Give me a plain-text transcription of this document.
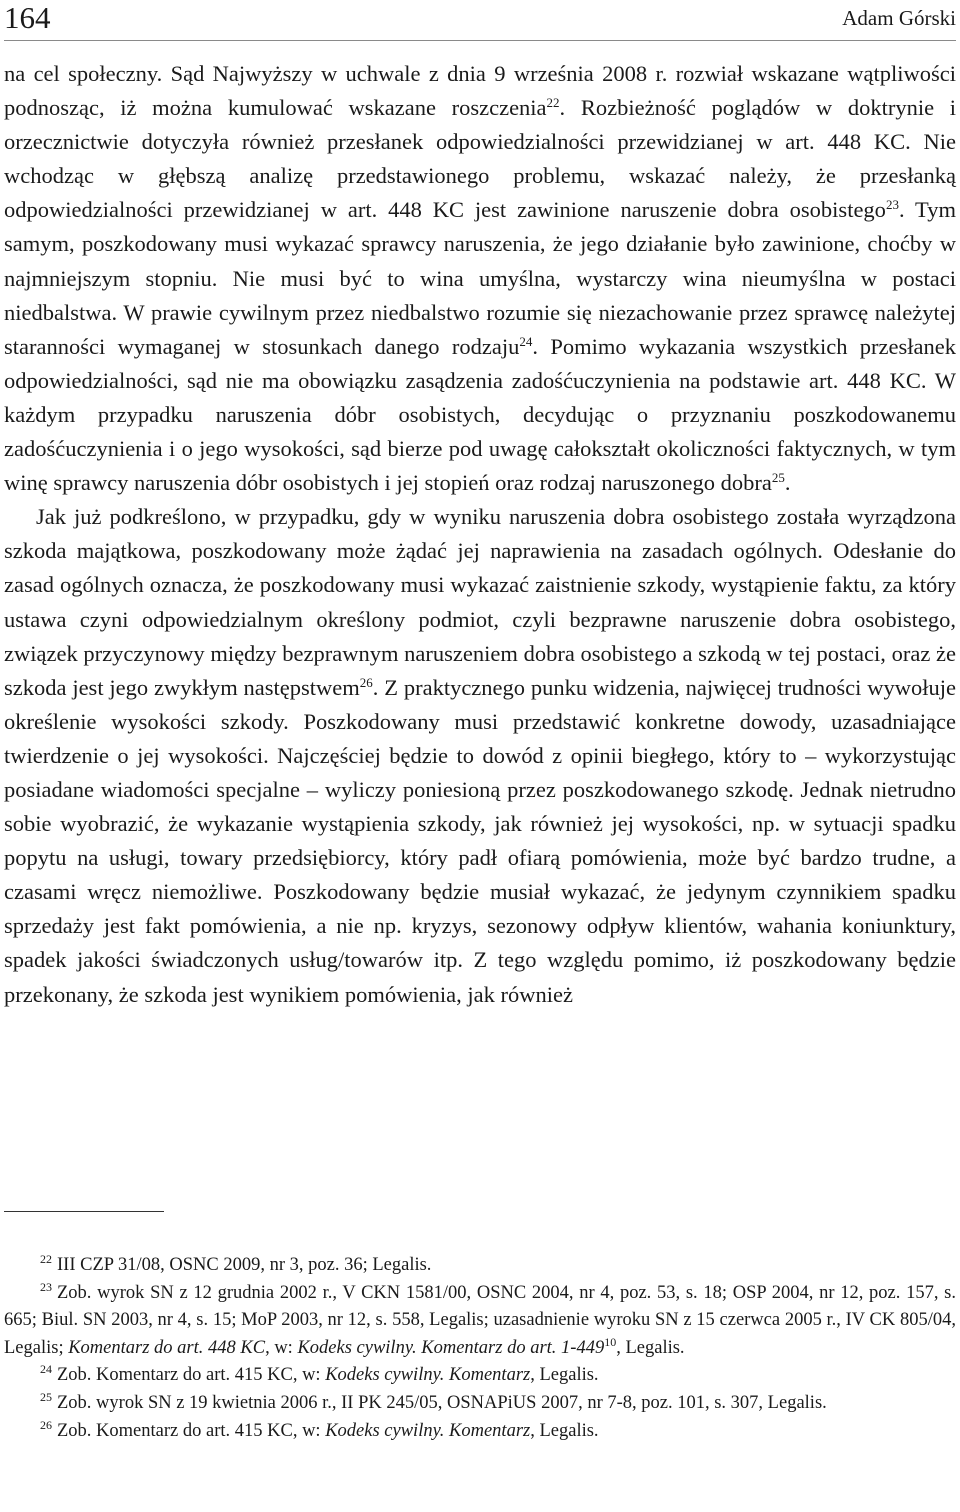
164	Adam Górski

na cel społeczny. Sąd Najwyższy w uchwale z dnia 9 września 2008 r. rozwiał wskazane wątpliwości podnosząc, iż można kumulować wskazane roszczenia$^{22}$. Rozbieżność poglądów w doktrynie i orzecznictwie dotyczyła również przesłanek odpowiedzialności przewidzianej w art. 448 KC. Nie wchodząc w głębszą analizę przedstawionego problemu, wskazać należy, że przesłanką odpowiedzialności przewidzianej w art. 448 KC jest zawinione naruszenie dobra osobistego$^{23}$. Tym samym, poszkodowany musi wykazać sprawcy naruszenia, że jego działanie było zawinione, choćby w najmniejszym stopniu. Nie musi być to wina umyślna, wystarczy wina nieumyślna w postaci niedbalstwa. W prawie cywilnym przez niedbalstwo rozumie się niezachowanie przez sprawcę należytej staranności wymaganej w stosunkach danego rodzaju$^{24}$. Pomimo wykazania wszystkich przesłanek odpowiedzialności, sąd nie ma obowiązku zasądzenia zadośćuczynienia na podstawie art. 448 KC. W każdym przypadku naruszenia dóbr osobistych, decydując o przyznaniu poszkodowanemu zadośćuczynienia i o jego wysokości, sąd bierze pod uwagę całokształt okoliczności faktycznych, w tym winę sprawcy naruszenia dóbr osobistych i jej stopień oraz rodzaj naruszonego dobra$^{25}$.

Jak już podkreślono, w przypadku, gdy w wyniku naruszenia dobra osobistego została wyrządzona szkoda majątkowa, poszkodowany może żądać jej naprawienia na zasadach ogólnych. Odesłanie do zasad ogólnych oznacza, że poszkodowany musi wykazać zaistnienie szkody, wystąpienie faktu, za który ustawa czyni odpowiedzialnym określony podmiot, czyli bezprawne naruszenie dobra osobistego, związek przyczynowy między bezprawnym naruszeniem dobra osobistego a szkodą w tej postaci, oraz że szkoda jest jego zwykłym następstwem$^{26}$. Z praktycznego punku widzenia, najwięcej trudności wywołuje określenie wysokości szkody. Poszkodowany musi przedstawić konkretne dowody, uzasadniające twierdzenie o jej wysokości. Najczęściej będzie to dowód z opinii biegłego, który to – wykorzystując posiadane wiadomości specjalne – wyliczy poniesioną przez poszkodowanego szkodę. Jednak nietrudno sobie wyobrazić, że wykazanie wystąpienia szkody, jak również jej wysokości, np. w sytuacji spadku popytu na usługi, towary przedsiębiorcy, który padł ofiarą pomówienia, może być bardzo trudne, a czasami wręcz niemożliwe. Poszkodowany będzie musiał wykazać, że jedynym czynnikiem spadku sprzedaży jest fakt pomówienia, a nie np. kryzys, sezonowy odpływ klientów, wahania koniunktury, spadek jakości świadczonych usług/towarów itp. Z tego względu pomimo, iż poszkodowany będzie przekonany, że szkoda jest wynikiem pomówienia, jak również

$^{22}$ III CZP 31/08, OSNC 2009, nr 3, poz. 36; Legalis.

$^{23}$ Zob. wyrok SN z 12 grudnia 2002 r., V CKN 1581/00, OSNC 2004, nr 4, poz. 53, s. 18; OSP 2004, nr 12, poz. 157, s. 665; Biul. SN 2003, nr 4, s. 15; MoP 2003, nr 12, s. 558, Legalis; uzasadnienie wyroku SN z 15 czerwca 2005 r., IV CK 805/04, Legalis; Komentarz do art. 448 KC, w: Kodeks cywilny. Komentarz do art. $1-449^{10}$, Legalis.

$^{24}$ Zob. Komentarz do art. 415 KC, w: Kodeks cywilny. Komentarz, Legalis.

$^{25}$ Zob. wyrok SN z 19 kwietnia 2006 r., II PK 245/05, OSNAPiUS 2007, nr 7-8, poz. 101, s. 307, Legalis.

$^{26}$ Zob. Komentarz do art. 415 KC, w: Kodeks cywilny. Komentarz, Legalis.
